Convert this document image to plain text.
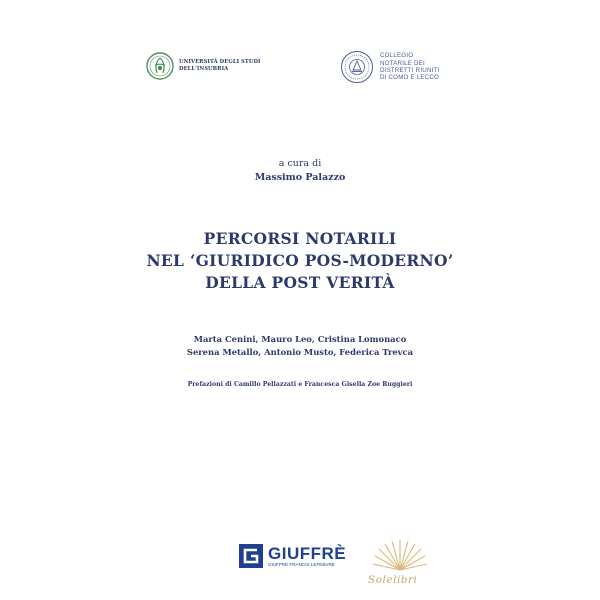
UNIVERSITÀ DEGLI STUDI
DELL'INSUBRIA
COLLEGIO
NOTARILE DEI
DISTRETTI RIUNITI
DI COMO E LECCO
a cura di
Massimo Palazzo
PERCORSI NOTARILI
NEL ‘GIURIDICO POS-MODERNO’
DELLA POST VERITÀ
Marta Cenini, Mauro Leo, Cristina Lomonaco
Serena Metallo, Antonio Musto, Federica Trevca
Prefazioni di Camillo Pellazzati e Francesca Gisella Zoe Ruggieri
GIUFFRÈ
GIUFFRÈ FRANCIS LEFEBVRE
Solelibri
